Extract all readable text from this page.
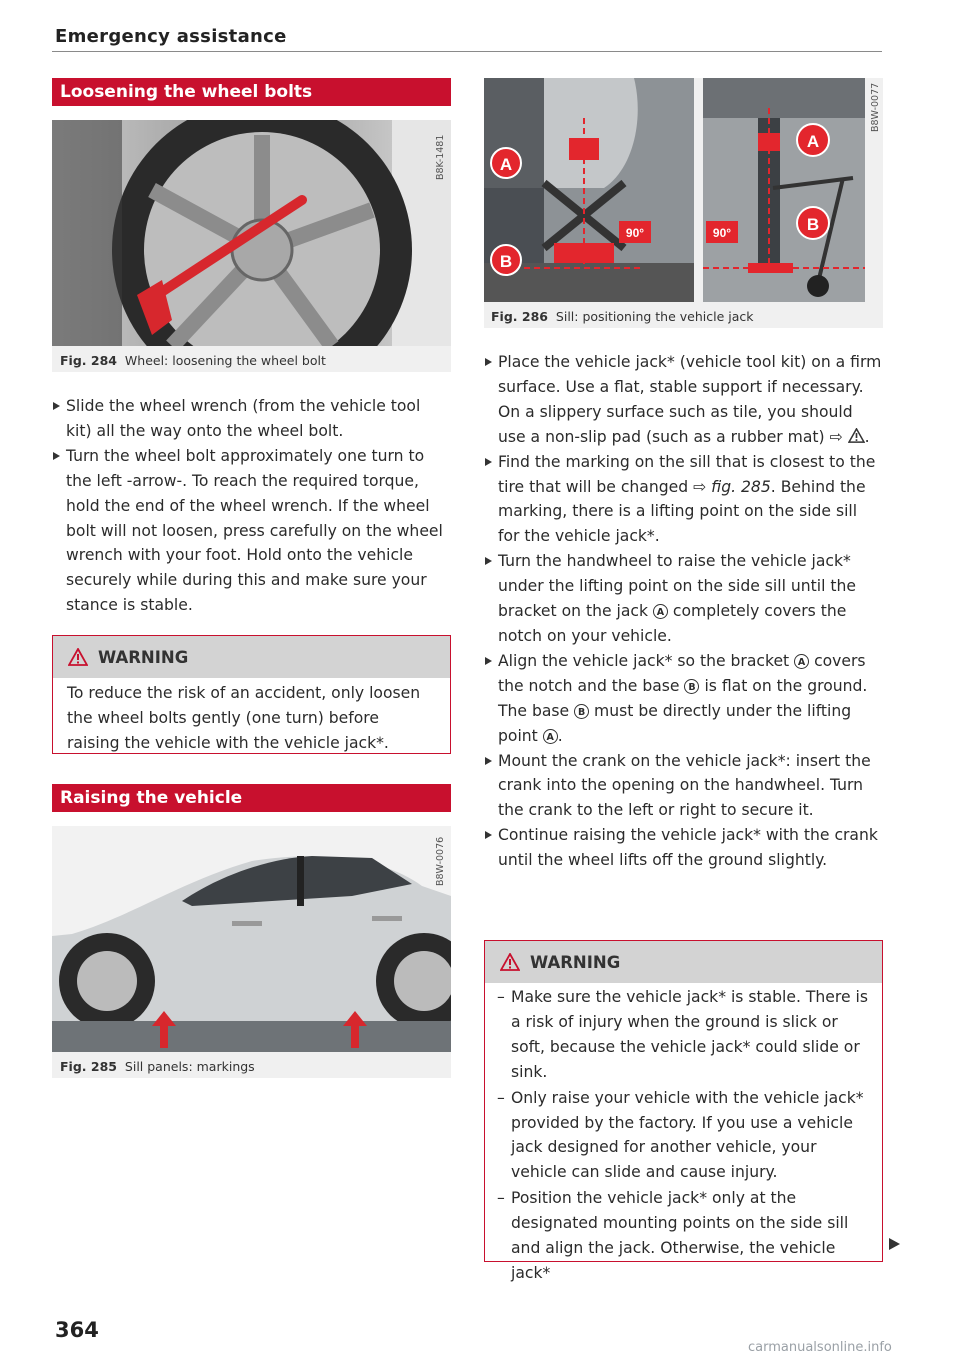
Emergency assistance
Loosening the wheel bolts
B8K-1481
Fig. 284 Wheel: loosening the wheel bolt
Slide the wheel wrench (from the vehicle tool kit) all the way onto the wheel bolt.
Turn the wheel bolt approximately one turn to the left -arrow-. To reach the required torque, hold the end of the wheel wrench. If the wheel bolt will not loosen, press carefully on the wheel wrench with your foot. Hold onto the vehicle securely while during this and make sure your stance is stable.
WARNING
To reduce the risk of an accident, only loosen the wheel bolts gently (one turn) before raising the vehicle with the vehicle jack*.
Raising the vehicle
B8W-0076
Fig. 285 Sill panels: markings
A
B
90°
A
B
90°
B8W-0077
Fig. 286 Sill: positioning the vehicle jack
Place the vehicle jack* (vehicle tool kit) on a firm surface. Use a flat, stable support if necessary. On a slippery surface such as tile, you should use a non-slip pad (such as a rubber mat) ⇨ .
Find the marking on the sill that is closest to the tire that will be changed ⇨ fig. 285. Behind the marking, there is a lifting point on the side sill for the vehicle jack*.
Turn the handwheel to raise the vehicle jack* under the lifting point on the side sill until the bracket on the jack A completely covers the notch on your vehicle.
Align the vehicle jack* so the bracket A covers the notch and the base B is flat on the ground. The base B must be directly under the lifting point A .
Mount the crank on the vehicle jack*: insert the crank into the opening on the handwheel. Turn the crank to the left or right to secure it.
Continue raising the vehicle jack* with the crank until the wheel lifts off the ground slightly.
WARNING
– Make sure the vehicle jack* is stable. There is a risk of injury when the ground is slick or soft, because the vehicle jack* could slide or sink.
– Only raise your vehicle with the vehicle jack* provided by the factory. If you use a vehicle jack designed for another vehicle, your vehicle can slide and cause injury.
– Position the vehicle jack* only at the designated mounting points on the side sill and align the jack. Otherwise, the vehicle jack*
364
carmanualsonline.info
